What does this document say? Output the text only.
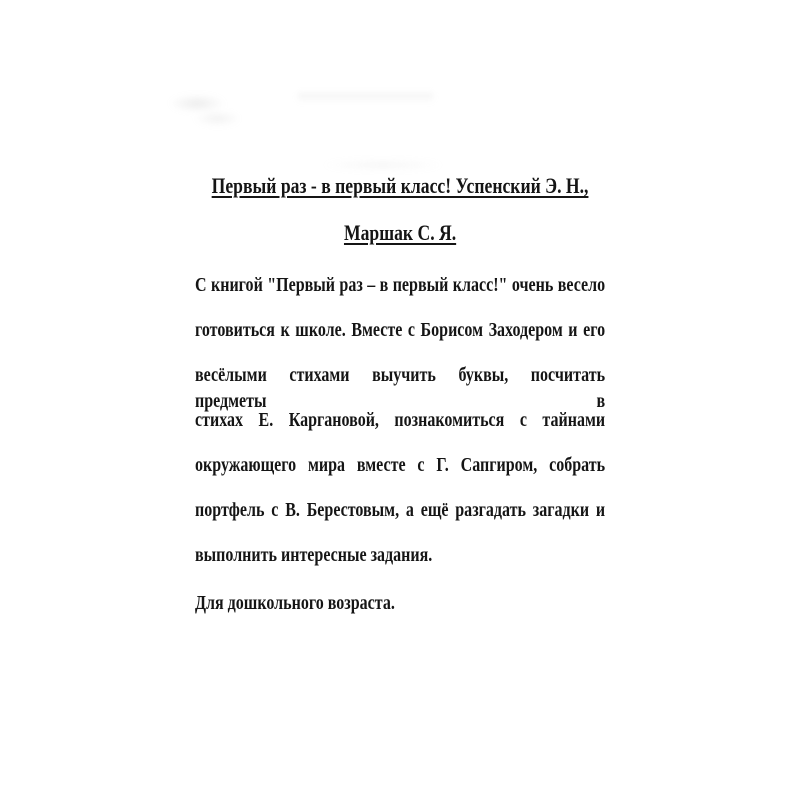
Первый раз - в первый класс! Успенский Э. Н.,
Маршак С. Я.

С книгой "Первый раз – в первый класс!" очень весело

готовиться к школе. Вместе с Борисом Заходером и его

весёлыми стихами выучить буквы, посчитать предметы в

стихах Е. Каргановой, познакомиться с тайнами

окружающего мира вместе с Г. Сапгиром, собрать

портфель с В. Берестовым, а ещё разгадать загадки и

выполнить интересные задания.

Для дошкольного возраста.
